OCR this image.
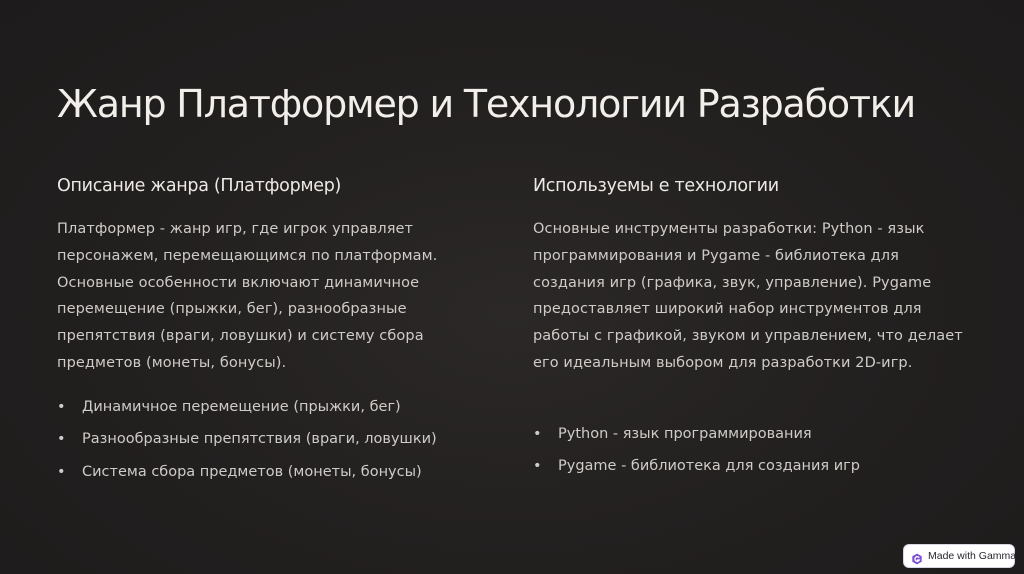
Жанр Платформер и Технологии Разработки
Описание жанра (Платформер)

Платформер - жанр игр, где игрок управляет
персонажем, перемещающимся по платформам.
Основные особенности включают динамичное
перемещение (прыжки, бег), разнообразные
препятствия (враги, ловушки) и систему сбора
предметов (монеты, бонусы).

• Динамичное перемещение (прыжки, бег)
• Разнообразные препятствия (враги, ловушки)
• Система сбора предметов (монеты, бонусы)
Используемы е технологии

Основные инструменты разработки: Python - язык
программирования и Pygame - библиотека для
создания игр (графика, звук, управление). Pygame
предоставляет широкий набор инструментов для
работы с графикой, звуком и управлением, что делает
его идеальным выбором для разработки 2D-игр.

• Python - язык программирования
• Pygame - библиотека для создания игр
Made with Gamma
